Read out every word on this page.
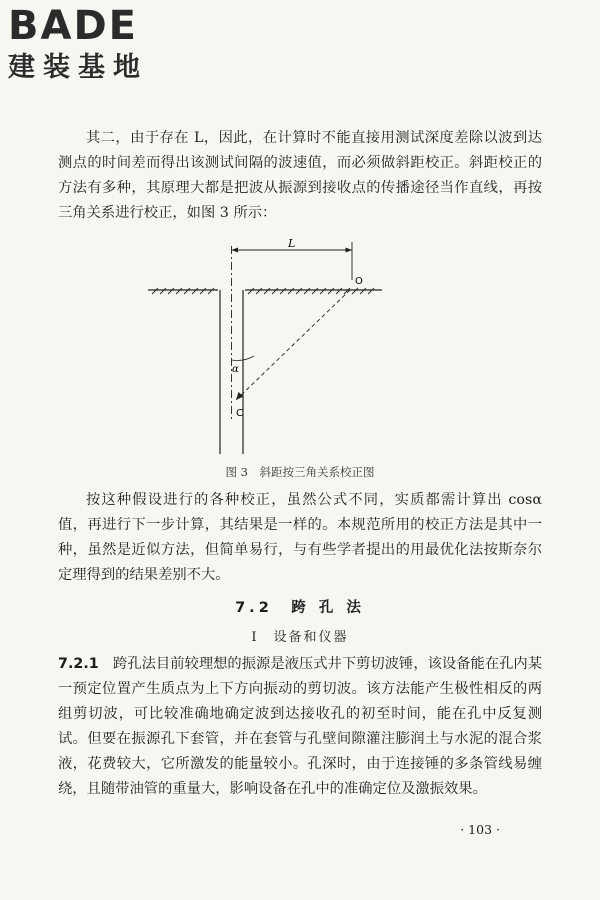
BADE
建装基地
其二，由于存在 L，因此，在计算时不能直接用测试深度差除以波到达测点的时间差而得出该测试间隔的波速值，而必须做斜距校正。斜距校正的方法有多种，其原理大都是把波从振源到接收点的传播途径当作直线，再按三角关系进行校正，如图 3 所示：
L
O
α
C
图 3　斜距按三角关系校正图
按这种假设进行的各种校正，虽然公式不同，实质都需计算出 cosα 值，再进行下一步计算，其结果是一样的。本规范所用的校正方法是其中一种，虽然是近似方法，但简单易行，与有些学者提出的用最优化法按斯奈尔定理得到的结果差别不大。
7.2　跨 孔 法
Ⅰ　设备和仪器
7.2.1　 跨孔法目前较理想的振源是液压式井下剪切波锤，该设备能在孔内某一预定位置产生质点为上下方向振动的剪切波。该方法能产生极性相反的两组剪切波，可比较准确地确定波到达接收孔的初至时间，能在孔中反复测试。但要在振源孔下套管，并在套管与孔壁间隙灌注膨润土与水泥的混合浆液，花费较大，它所激发的能量较小。孔深时，由于连接锤的多条管线易缠绕，且随带油管的重量大，影响设备在孔中的准确定位及激振效果。
· 103 ·
